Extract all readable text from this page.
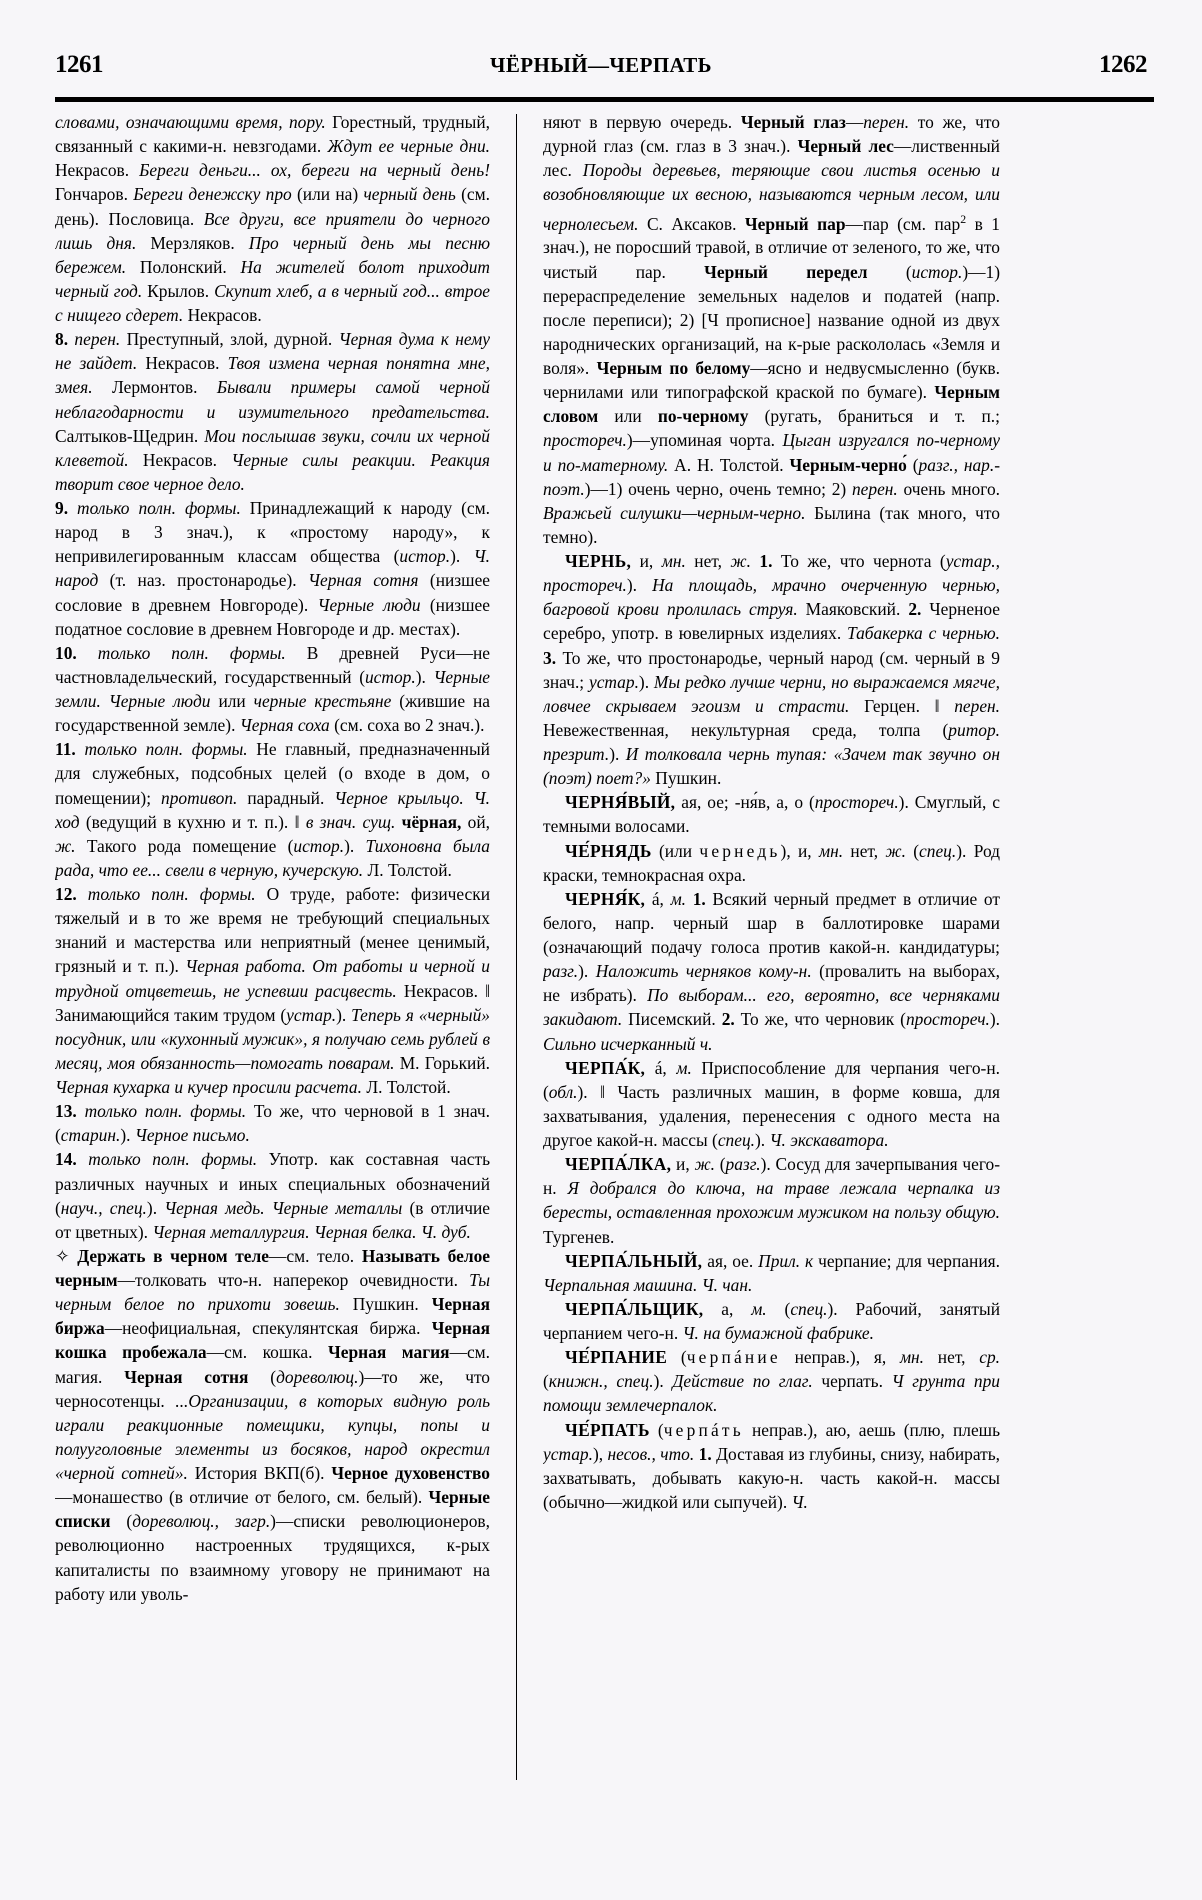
1261	ЧЁРНЫЙ—ЧЕРПАТЬ	1262

словами, означающими время, пору. Горестный, трудный, связанный с какими-н. невзгодами. Ждут ее черные дни. Некрасов. Береги деньги... ох, береги на черный день! Гончаров. Береги денежску про (или на) черный день (см. день). Пословица. Все други, все приятели до черного лишь дня. Мерзляков. Про черный день мы песню бережем. Полонский. На жителей болот приходит черный год. Крылов. Скупит хлеб, а в черный год... втрое с нищего сдерет. Некрасов.

8. перен. Преступный, злой, дурной. Черная дума к нему не зайдет. Некрасов. Твоя измена черная понятна мне, змея. Лермонтов. Бывали примеры самой черной неблагодарности и изумительного предательства. Салтыков-Щедрин. Мои послышав звуки, сочли их черной клеветой. Некрасов. Черные силы реакции. Реакция творит свое черное дело.

9. только полн. формы. Принадлежащий к народу (см. народ в 3 знач.), к «простому народу», к непривилегированным классам общества (истор.). Ч. народ (т. наз. простонародье). Черная сотня (низшее сословие в древнем Новгороде). Черные люди (низшее податное сословие в древнем Новгороде и др. местах).

10. только полн. формы. В древней Руси—не частновладельческий, государственный (истор.). Черные земли. Черные люди или черные крестьяне (жившие на государственной земле). Черная соха (см. соха во 2 знач.).

11. только полн. формы. Не главный, предназначенный для служебных, подсобных целей (о входе в дом, о помещении); противоп. парадный. Черное крыльцо. Ч. ход (ведущий в кухню и т. п.). ‖ в знач. сущ. чёрная, ой, ж. Такого рода помещение (истор.). Тихоновна была рада, что ее... свели в черную, кучерскую. Л. Толстой.

12. только полн. формы. О труде, работе: физически тяжелый и в то же время не требующий специальных знаний и мастерства или неприятный (менее ценимый, грязный и т. п.). Черная работа. От работы и черной и трудной отцветешь, не успевши расцвесть. Некрасов. ‖ Занимающийся таким трудом (устар.). Теперь я «черный» посудник, или «кухонный мужик», я получаю семь рублей в месяц, моя обязанность—помогать поварам. М. Горький. Черная кухарка и кучер просили расчета. Л. Толстой.

13. только полн. формы. То же, что черновой в 1 знач. (старин.). Черное письмо.

14. только полн. формы. Употр. как составная часть различных научных и иных специальных обозначений (науч., спец.). Черная медь. Черные металлы (в отличие от цветных). Черная металлургия. Черная белка. Ч. дуб.

✧ Держать в черном теле—см. тело. Называть белое черным—толковать что-н. наперекор очевидности. Ты черным белое по прихоти зовешь. Пушкин. Черная биржа—неофициальная, спекулянтская биржа. Черная кошка пробежала—см. кошка. Черная магия—см. магия. Черная сотня (дореволюц.)—то же, что черносотенцы. ...Организации, в которых видную роль играли реакционные помещики, купцы, попы и полууголовные элементы из босяков, народ окрестил «черной сотней». История ВКП(б). Черное духовенство—монашество (в отличие от белого, см. белый). Черные списки (дореволюц., загр.)—списки революционеров, революционно настроенных трудящихся, к-рых капиталисты по взаимному уговору не принимают на работу или уволь-

няют в первую очередь. Черный глаз—перен. то же, что дурной глаз (см. глаз в 3 знач.). Черный лес—лиственный лес. Породы деревьев, теряющие свои листья осенью и возобновляющие их весною, называются черным лесом, или чернолесьем. С. Аксаков. Черный пар—пар (см. пар$^2$ в 1 знач.), не поросший травой, в отличие от зеленого, то же, что чистый пар. Черный передел (истор.)—1) перераспределение земельных наделов и податей (напр. после переписи); 2) [Ч прописное] название одной из двух народнических организаций, на к-рые раскололась «Земля и воля». Черным по белому—ясно и недвусмысленно (букв. чернилами или типографской краской по бумаге). Черным словом или по-черному (ругать, браниться и т. п.; простореч.)—упоминая чорта. Цыган изругался по-черному и по-матерному. А. Н. Толстой. Черным-черно́ (разг., нар.-поэт.)—1) очень черно, очень темно; 2) перен. очень много. Вражьей силушки—черным-черно. Былина (так много, что темно).

ЧЕРНЬ, и, мн. нет, ж. 1. То же, что чернота (устар., простореч.). На площадь, мрачно очерченную чернью, багровой крови пролилась струя. Маяковский. 2. Черненое серебро, употр. в ювелирных изделиях. Табакерка с чернью. 3. То же, что простонародье, черный народ (см. черный в 9 знач.; устар.). Мы редко лучше черни, но выражаемся мягче, ловчее скрываем эгоизм и страсти. Герцен. ‖ перен. Невежественная, некультурная среда, толпа (ритор. презрит.). И толковала чернь тупая: «Зачем так звучно он (поэт) поет?» Пушкин.

ЧЕРНЯ́ВЫЙ, ая, ое; -ня́в, а, о (простореч.). Смуглый, с темными волосами.

ЧЕ́РНЯДЬ (или чернедь), и, мн. нет, ж. (спец.). Род краски, темнокрасная охра.

ЧЕРНЯ́К, á, м. 1. Всякий черный предмет в отличие от белого, напр. черный шар в баллотировке шарами (означающий подачу голоса против какой-н. кандидатуры; разг.). Наложить черняков кому-н. (провалить на выборах, не избрать). По выборам... его, вероятно, все черняками закидают. Писемский. 2. То же, что черновик (простореч.). Сильно исчерканный ч.

ЧЕРПА́К, á, м. Приспособление для черпания чего-н. (обл.). ‖ Часть различных машин, в форме ковша, для захватывания, удаления, перенесения с одного места на другое какой-н. массы (спец.). Ч. экскаватора.

ЧЕРПА́ЛКА, и, ж. (разг.). Сосуд для зачерпывания чего-н. Я добрался до ключа, на траве лежала черпалка из бересты, оставленная прохожим мужиком на пользу общую. Тургенев.

ЧЕРПА́ЛЬНЫЙ, ая, ое. Прил. к черпание; для черпания. Черпальная машина. Ч. чан.

ЧЕРПА́ЛЬЩИК, а, м. (спец.). Рабочий, занятый черпанием чего-н. Ч. на бумажной фабрике.

ЧЕ́РПАНИЕ (черпáние неправ.), я, мн. нет, ср. (книжн., спец.). Действие по глаг. черпать. Ч грунта при помощи землечерпалок.

ЧЕ́РПАТЬ (черпáть неправ.), аю, аешь (плю, плешь устар.), несов., что. 1. Доставая из глубины, снизу, набирать, захватывать, добывать какую-н. часть какой-н. массы (обычно—жидкой или сыпучей). Ч.
